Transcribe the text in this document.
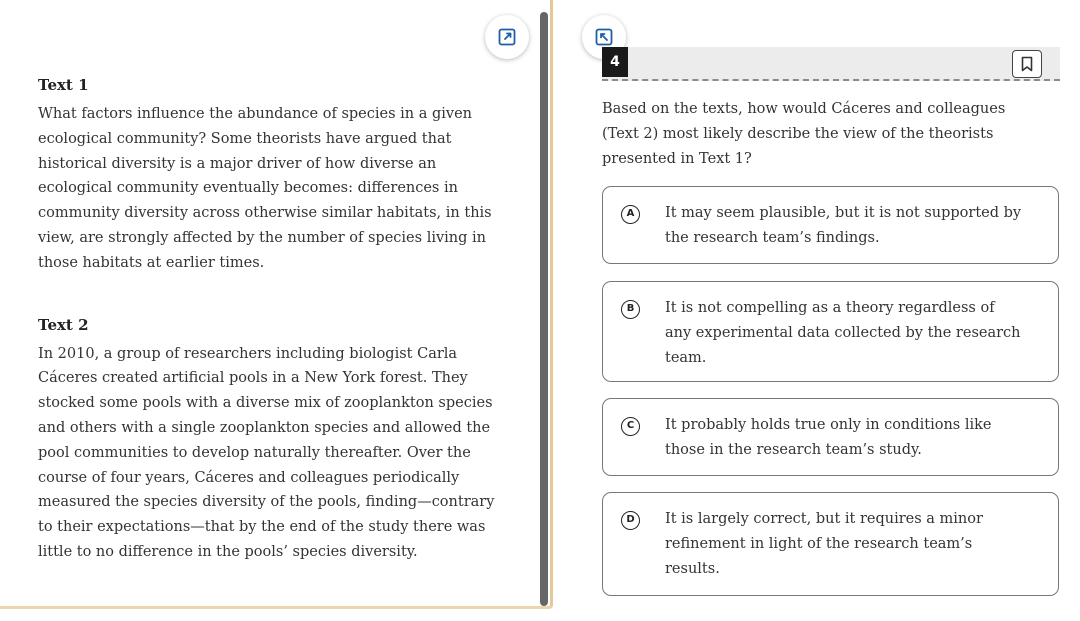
Text 1

What factors influence the abundance of species in a given ecological community? Some theorists have argued that historical diversity is a major driver of how diverse an ecological community eventually becomes: differences in community diversity across otherwise similar habitats, in this view, are strongly affected by the number of species living in those habitats at earlier times.

Text 2

In 2010, a group of researchers including biologist Carla Cáceres created artificial pools in a New York forest. They stocked some pools with a diverse mix of zooplankton species and others with a single zooplankton species and allowed the pool communities to develop naturally thereafter. Over the course of four years, Cáceres and colleagues periodically measured the species diversity of the pools, finding—contrary to their expectations—that by the end of the study there was little to no difference in the pools’ species diversity.

4

Based on the texts, how would Cáceres and colleagues (Text 2) most likely describe the view of the theorists presented in Text 1?

A	It may seem plausible, but it is not supported by the research team’s findings.
B	It is not compelling as a theory regardless of any experimental data collected by the research team.
C	It probably holds true only in conditions like those in the research team’s study.
D	It is largely correct, but it requires a minor refinement in light of the research team’s results.
